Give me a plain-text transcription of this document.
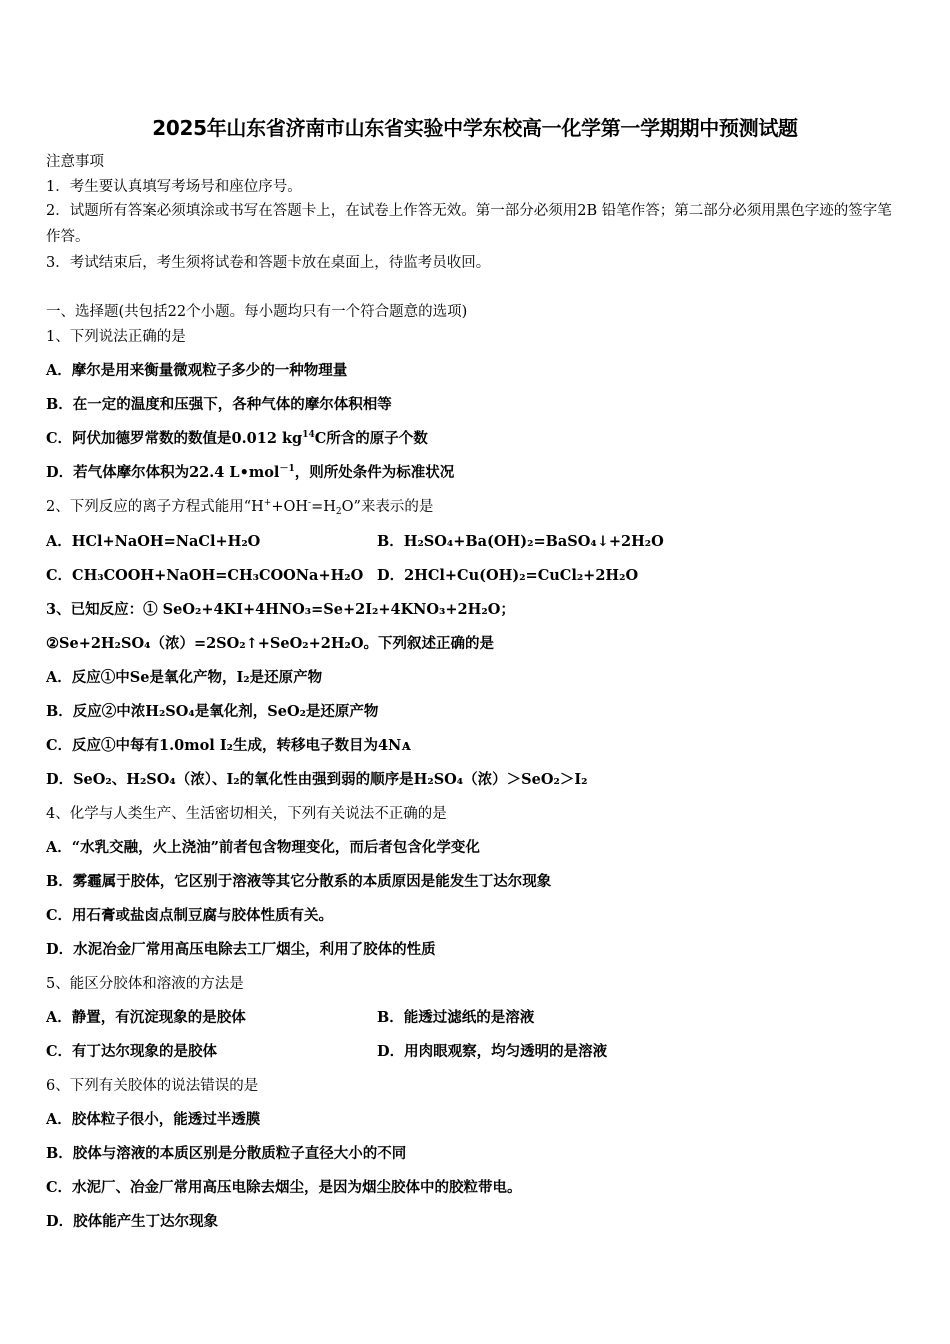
2025年山东省济南市山东省实验中学东校高一化学第一学期期中预测试题
注意事项
1．考生要认真填写考场号和座位序号。
2．试题所有答案必须填涂或书写在答题卡上，在试卷上作答无效。第一部分必须用2B 铅笔作答；第二部分必须用黑色字迹的签字笔作答。
3．考试结束后，考生须将试卷和答题卡放在桌面上，待监考员收回。
一、选择题(共包括22个小题。每小题均只有一个符合题意的选项)
1、下列说法正确的是
A．摩尔是用来衡量微观粒子多少的一种物理量
B．在一定的温度和压强下，各种气体的摩尔体积相等
C．阿伏加德罗常数的数值是0.012 $kg^{14}C$所含的原子个数
D．若气体摩尔体积为22.4 L•mol$^{-1}$，则所处条件为标准状况
2、下列反应的离子方程式能用“$H^++OH^-=H_2O$”来表示的是
A．HCl+NaOH=NaCl+H₂O	B．H₂SO₄+Ba(OH)₂=BaSO₄↓+2H₂O
C．CH₃COOH+NaOH=CH₃COONa+H₂O D．2HCl+Cu(OH)₂=CuCl₂+2H₂O
3、已知反应：① SeO₂+4KI+4HNO₃=Se+2I₂+4KNO₃+2H₂O；
②Se+2H₂SO₄（浓）=2SO₂↑+SeO₂+2H₂O。下列叙述正确的是
A．反应①中Se是氧化产物，I₂是还原产物
B．反应②中浓H₂SO₄是氧化剂，SeO₂是还原产物
C．反应①中每有1.0mol I₂生成，转移电子数目为4Nᴀ
D．SeO₂、H₂SO₄（浓）、I₂的氧化性由强到弱的顺序是H₂SO₄（浓）＞SeO₂＞I₂
4、化学与人类生产、生活密切相关，下列有关说法不正确的是
A．“水乳交融，火上浇油”前者包含物理变化，而后者包含化学变化
B．雾霾属于胶体，它区别于溶液等其它分散系的本质原因是能发生丁达尔现象
C．用石膏或盐卤点制豆腐与胶体性质有关。
D．水泥冶金厂常用高压电除去工厂烟尘，利用了胶体的性质
5、能区分胶体和溶液的方法是
A．静置，有沉淀现象的是胶体	B．能透过滤纸的是溶液
C．有丁达尔现象的是胶体	D．用肉眼观察，均匀透明的是溶液
6、下列有关胶体的说法错误的是
A．胶体粒子很小，能透过半透膜
B．胶体与溶液的本质区别是分散质粒子直径大小的不同
C．水泥厂、冶金厂常用高压电除去烟尘，是因为烟尘胶体中的胶粒带电。
D．胶体能产生丁达尔现象
